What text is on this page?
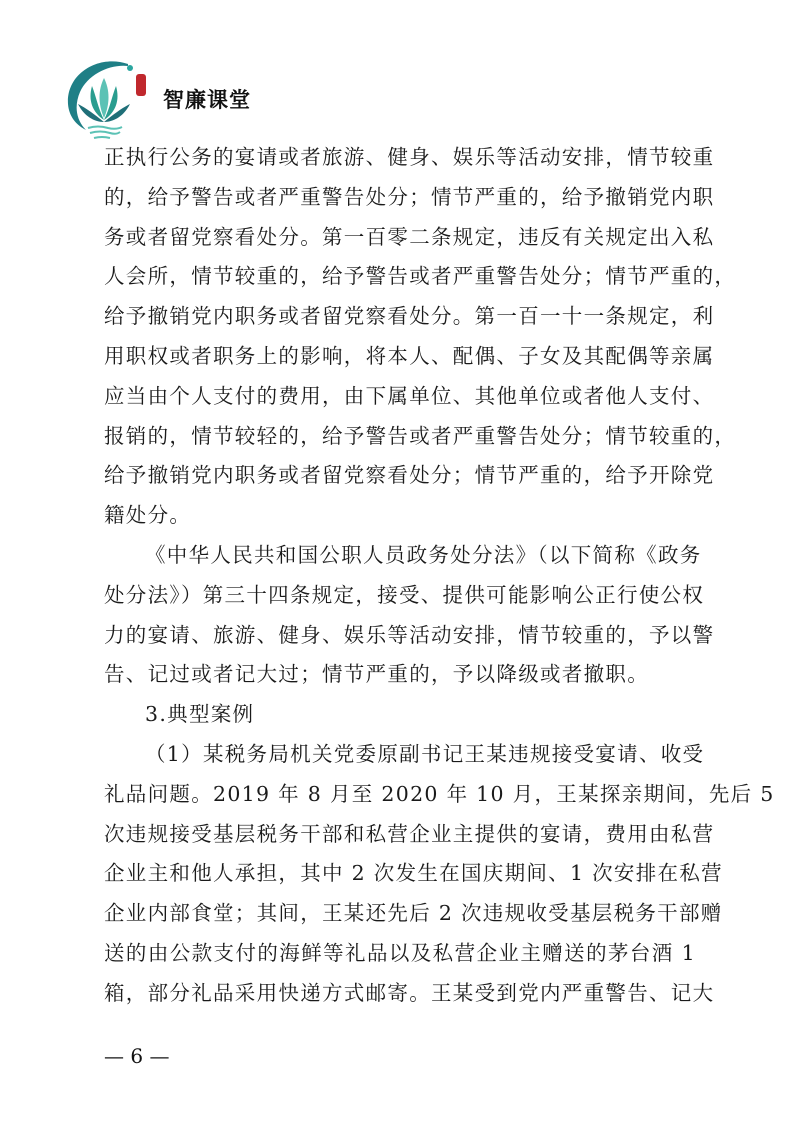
智廉课堂
正执行公务的宴请或者旅游、健身、娱乐等活动安排，情节较重
的，给予警告或者严重警告处分；情节严重的，给予撤销党内职
务或者留党察看处分。第一百零二条规定，违反有关规定出入私
人会所，情节较重的，给予警告或者严重警告处分；情节严重的，
给予撤销党内职务或者留党察看处分。第一百一十一条规定，利
用职权或者职务上的影响，将本人、配偶、子女及其配偶等亲属
应当由个人支付的费用，由下属单位、其他单位或者他人支付、
报销的，情节较轻的，给予警告或者严重警告处分；情节较重的，
给予撤销党内职务或者留党察看处分；情节严重的，给予开除党
籍处分。
《中华人民共和国公职人员政务处分法》（以下简称《政务
处分法》）第三十四条规定，接受、提供可能影响公正行使公权
力的宴请、旅游、健身、娱乐等活动安排，情节较重的，予以警
告、记过或者记大过；情节严重的，予以降级或者撤职。
3.典型案例
（1）某税务局机关党委原副书记王某违规接受宴请、收受
礼品问题。2019 年 8 月至 2020 年 10 月，王某探亲期间，先后 5
次违规接受基层税务干部和私营企业主提供的宴请，费用由私营
企业主和他人承担，其中 2 次发生在国庆期间、1 次安排在私营
企业内部食堂；其间，王某还先后 2 次违规收受基层税务干部赠
送的由公款支付的海鲜等礼品以及私营企业主赠送的茅台酒 1
箱，部分礼品采用快递方式邮寄。王某受到党内严重警告、记大
— 6 —
